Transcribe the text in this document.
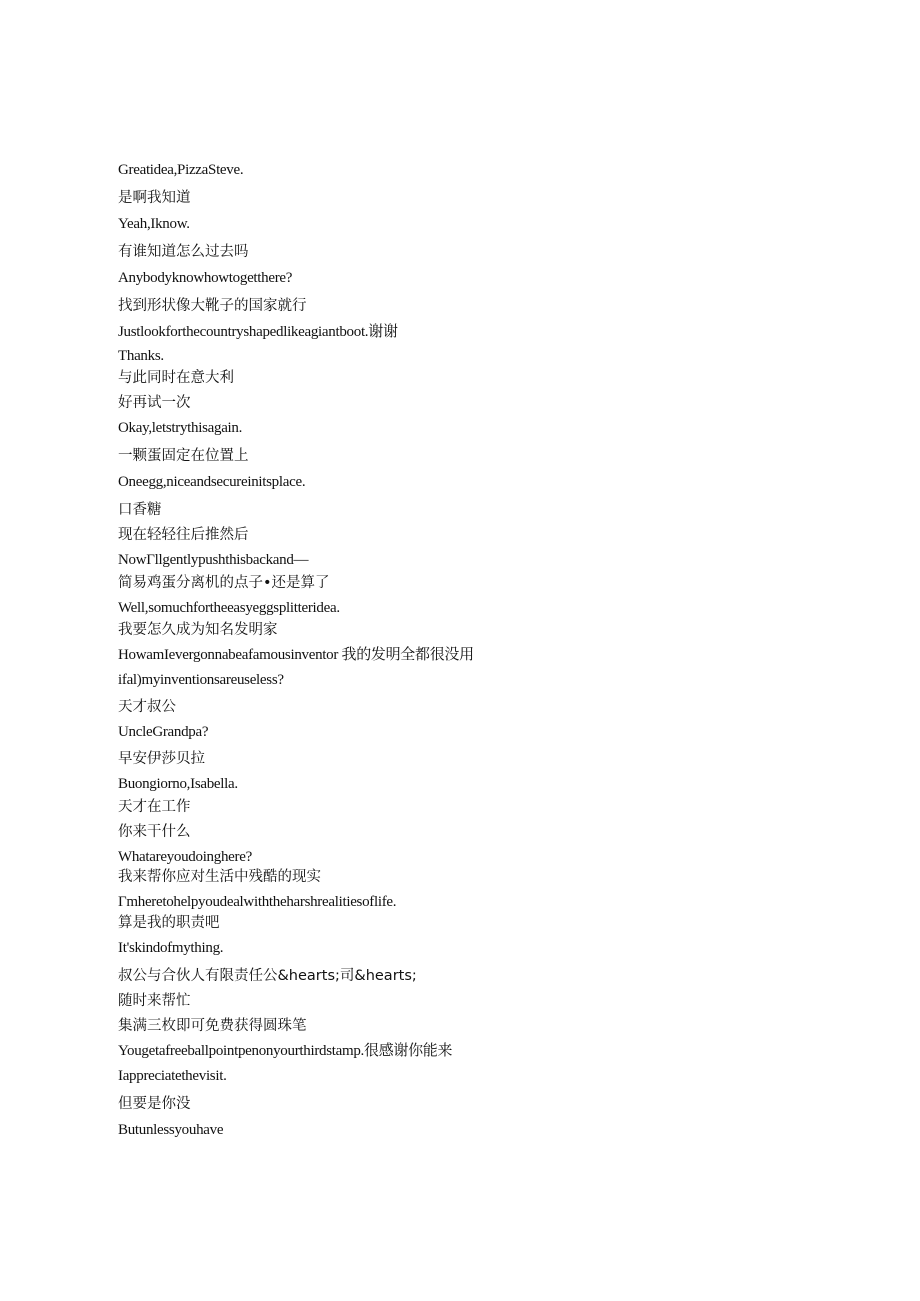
Greatidea,PizzaSteve.

是啊我知道

Yeah,Iknow.

有谁知道怎么过去吗

Anybodyknowhowtogetthere?

找到形状像大靴子的国家就行

Justlookforthecountryshapedlikeagiantboot.谢谢

Thanks.

与此同时在意大利

好再试一次

Okay,letstrythisagain.

一颗蛋固定在位置上

Oneegg,niceandsecureinitsplace.

口香糖

现在轻轻往后推然后

NowΓllgentlypushthisbackand—

简易鸡蛋分离机的点子•还是算了

Well,somuchfortheeasyeggsplitteridea.

我要怎久成为知名发明家

HowamIevergonnabeafamousinventor 我的发明全都很没用

ifal)myinventionsareuseless?

天才叔公

UncleGrandpa?

早安伊莎贝拉

Buongiorno,Isabella.

天才在工作

你来干什么

Whatareyoudoinghere?

我来帮你应对生活中残酷的现实

Γmheretohelpyoudealwiththeharshrealitiesoflife.

算是我的职责吧

It'skindofmything.

叔公与合伙人有限责任公&hearts;司&hearts;

随时来帮忙

集满三枚即可免费获得圆珠笔

Yougetafreeballpointpenonyourthirdstamp.很感谢你能来

Iappreciatethevisit.

但要是你没

Butunlessyouhave
